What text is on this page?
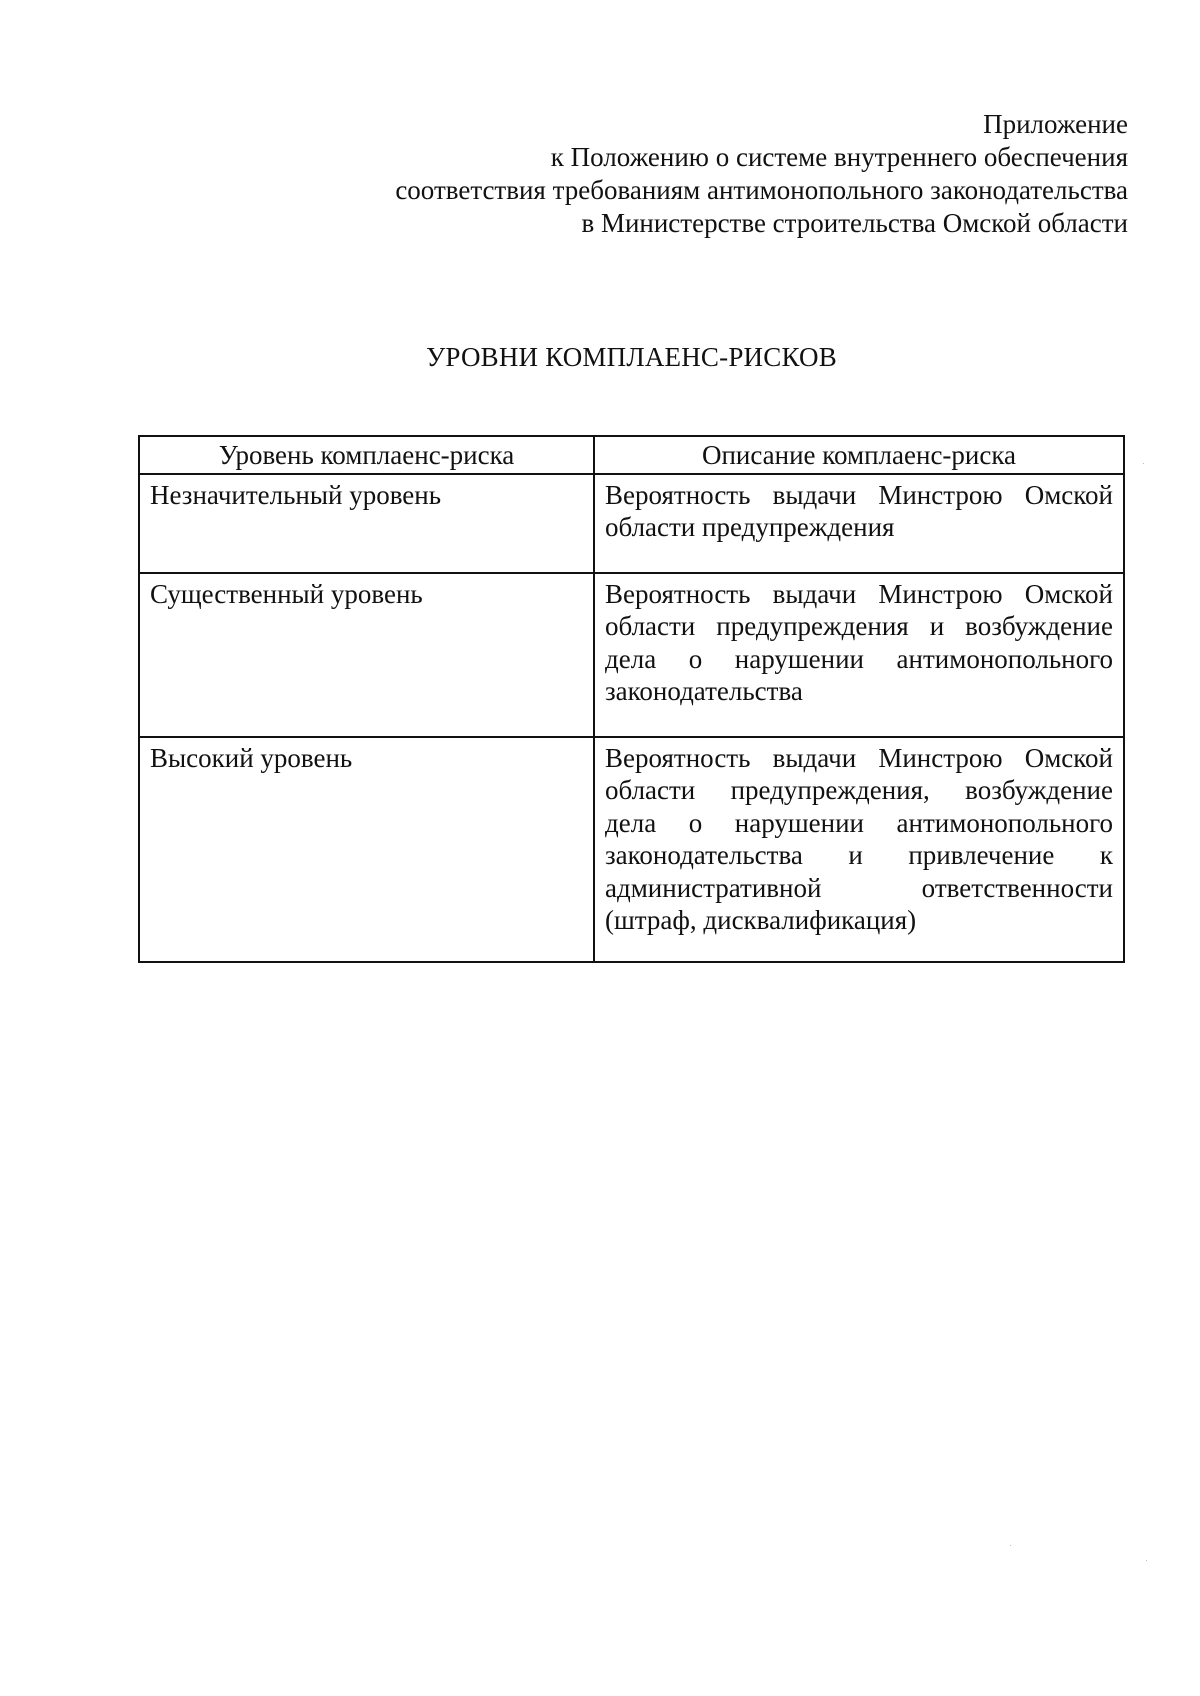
Приложение
к Положению о системе внутреннего обеспечения
соответствия требованиям антимонопольного законодательства
в Министерстве строительства Омской области
УРОВНИ КОМПЛАЕНС-РИСКОВ
Уровень комплаенс-риска	Описание комплаенс-риска
Незначительный уровень	Вероятность выдачи Минстрою Омской области предупреждения
Существенный уровень	Вероятность выдачи Минстрою Омской области предупреждения и возбуждение дела о нарушении антимонопольного законодательства
Высокий уровень	Вероятность выдачи Минстрою Омской области предупреждения, возбуждение дела о нарушении антимонопольного законодательства и привлечение к административной ответственности (штраф, дисквалификация)
